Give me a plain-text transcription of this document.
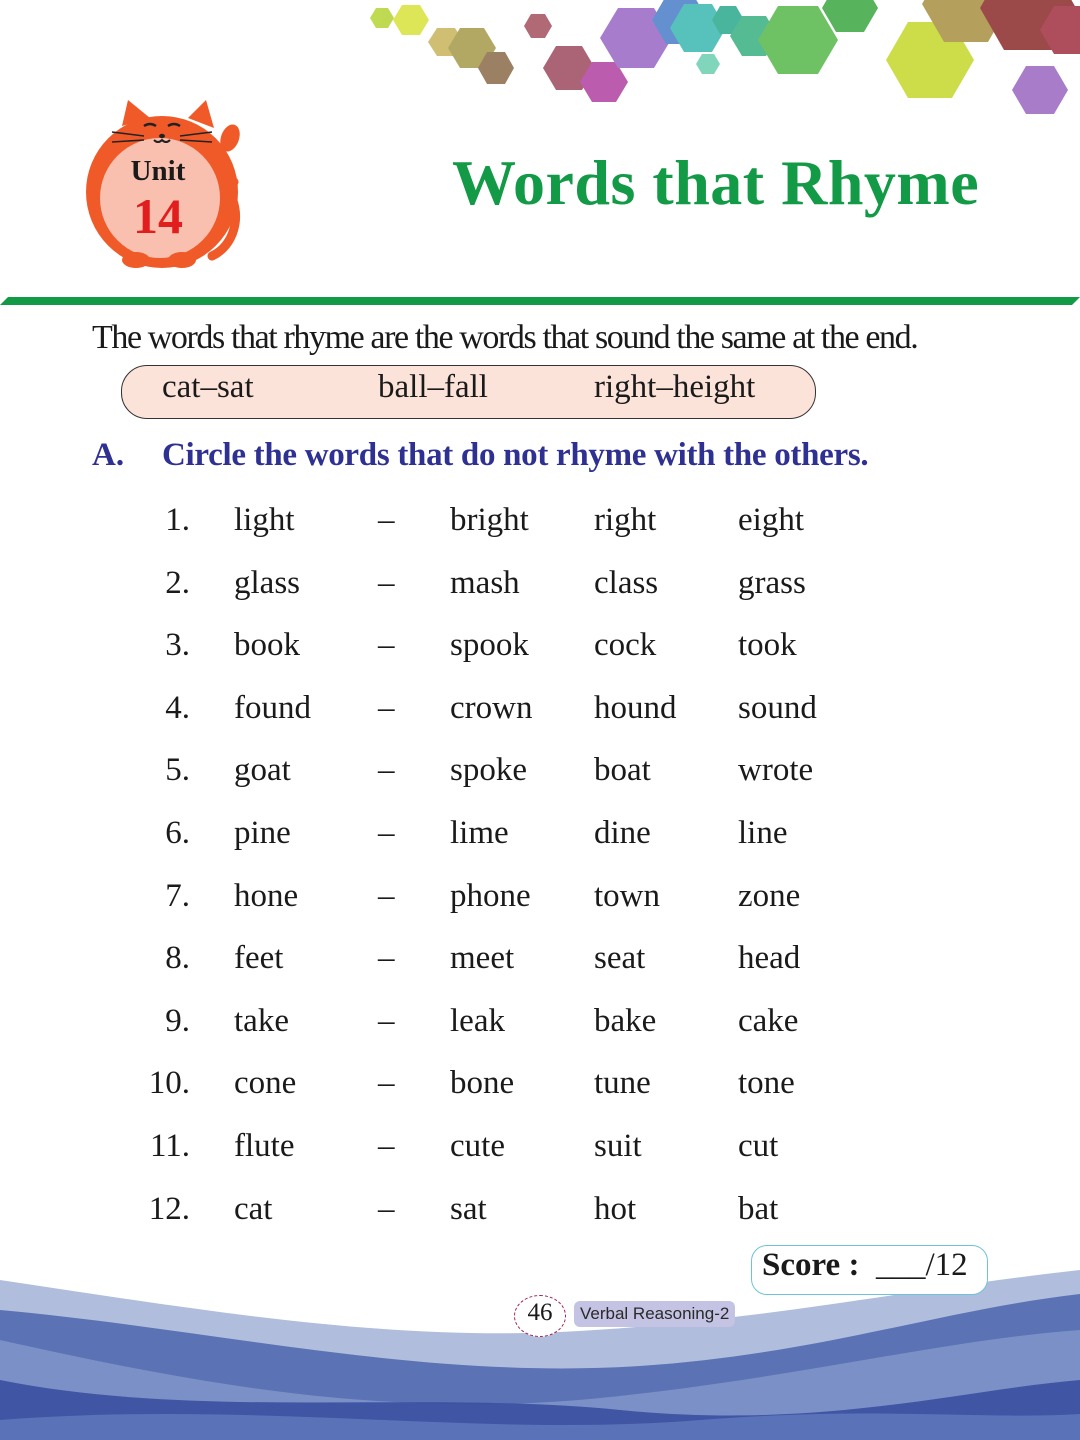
Unit
14	Words that Rhyme
The words that rhyme are the words that sound the same at the end.
cat–sat	ball–fall	right–height
A. Circle the words that do not rhyme with the others.
1. light	– bright right eight
2. glass – mash class grass
3. book – spook cock took
4. found – crown hound sound
5. goat	– spoke boat	wrote
6. pine	– lime	dine	line
7. hone – phone town zone
8. feet	– meet seat	head
9. take	– leak	bake cake
10. cone – bone tune	tone
11. flute	– cute	suit	cut
12. cat	– sat	hot	bat
Score : ___/12
46	Verbal Reasoning-2
